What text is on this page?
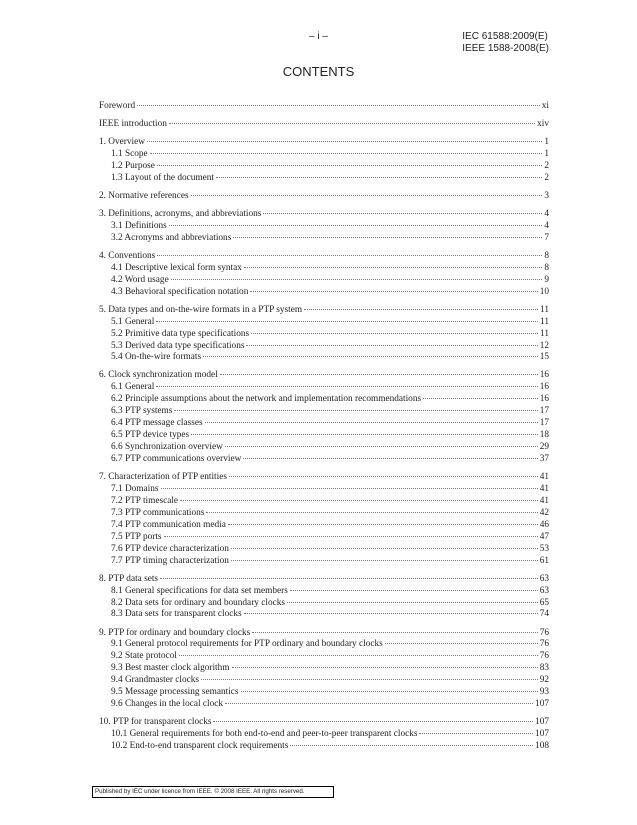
– i –	IEC 61588:2009(E)
IEEE 1588-2008(E)
CONTENTS
Foreword	xi
IEEE introduction	xiv
1. Overview	1
1.1 Scope	1
1.2 Purpose	2
1.3 Layout of the document	2
2. Normative references	3
3. Definitions, acronyms, and abbreviations	4
3.1 Definitions	4
3.2 Acronyms and abbreviations	7
4. Conventions	8
4.1 Descriptive lexical form syntax	8
4.2 Word usage	9
4.3 Behavioral specification notation	10
5. Data types and on-the-wire formats in a PTP system	11
5.1 General	11
5.2 Primitive data type specifications	11
5.3 Derived data type specifications	12
5.4 On-the-wire formats	15
6. Clock synchronization model	16
6.1 General	16
6.2 Principle assumptions about the network and implementation recommendations	16
6.3 PTP systems	17
6.4 PTP message classes	17
6.5 PTP device types	18
6.6 Synchronization overview	29
6.7 PTP communications overview	37
7. Characterization of PTP entities	41
7.1 Domains	41
7.2 PTP timescale	41
7.3 PTP communications	42
7.4 PTP communication media	46
7.5 PTP ports	47
7.6 PTP device characterization	53
7.7 PTP timing characterization	61
8. PTP data sets	63
8.1 General specifications for data set members	63
8.2 Data sets for ordinary and boundary clocks	65
8.3 Data sets for transparent clocks	74
9. PTP for ordinary and boundary clocks	76
9.1 General protocol requirements for PTP ordinary and boundary clocks	76
9.2 State protocol	76
9.3 Best master clock algorithm	83
9.4 Grandmaster clocks	92
9.5 Message processing semantics	93
9.6 Changes in the local clock	107
10. PTP for transparent clocks	107
10.1 General requirements for both end-to-end and peer-to-peer transparent clocks	107
10.2 End-to-end transparent clock requirements	108
Published by IEC under licence from IEEE. © 2008 IEEE. All rights reserved.
